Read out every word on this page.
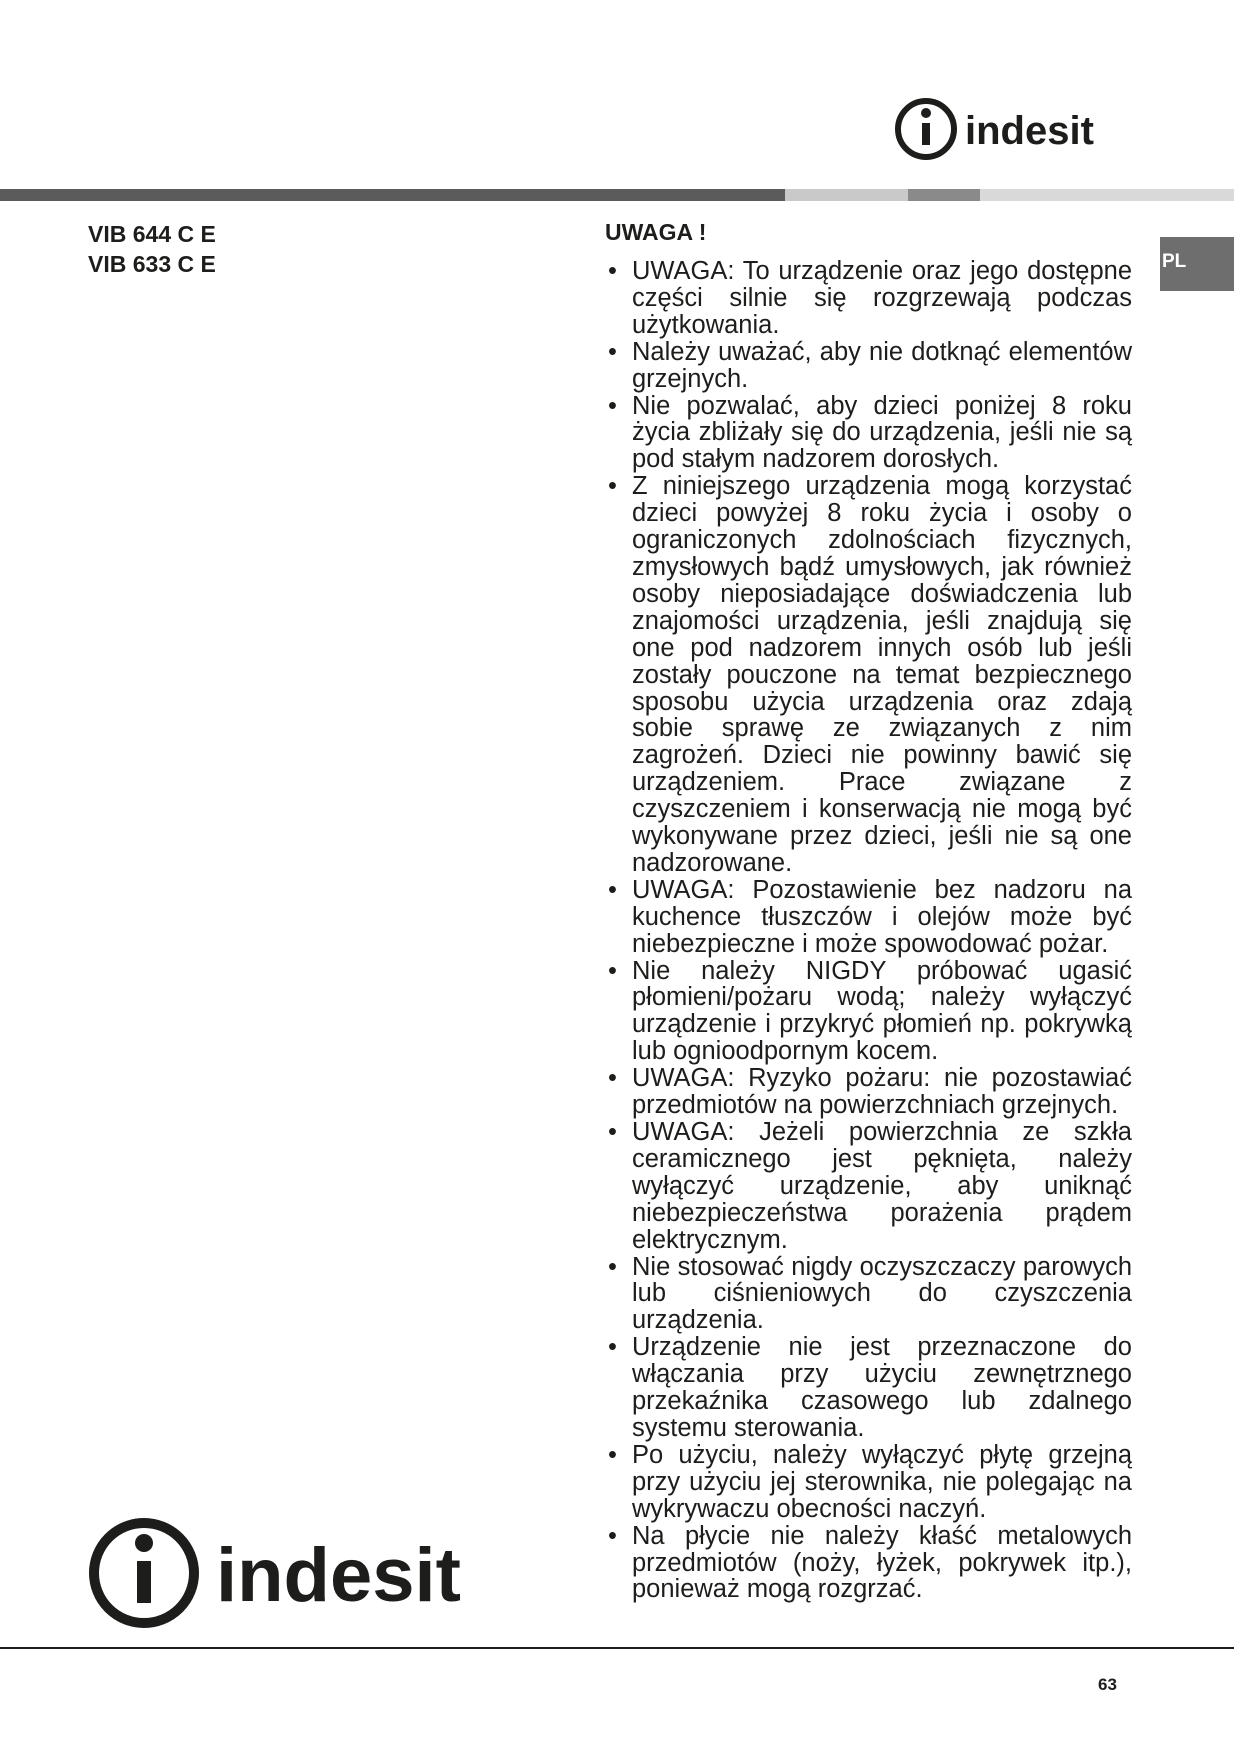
indesit
VIB 644 C E
VIB 633 C E	PL
UWAGA !
• UWAGA: To urządzenie oraz jego dostępne części silnie się rozgrzewają podczas użytkowania.
• Należy uważać, aby nie dotknąć elementów grzejnych.
• Nie pozwalać, aby dzieci poniżej 8 roku życia zbliżały się do urządzenia, jeśli nie są pod stałym nadzorem dorosłych.
• Z niniejszego urządzenia mogą korzystać dzieci powyżej 8 roku życia i osoby o ograniczonych zdolnościach fizycznych, zmysłowych bądź umysłowych, jak również osoby nieposiadające doświadczenia lub znajomości urządzenia, jeśli znajdują się one pod nadzorem innych osób lub jeśli zostały pouczone na temat bezpiecznego sposobu użycia urządzenia oraz zdają sobie sprawę ze związanych z nim zagrożeń. Dzieci nie powinny bawić się urządzeniem. Prace związane z czyszczeniem i konserwacją nie mogą być wykonywane przez dzieci, jeśli nie są one nadzorowane.
• UWAGA: Pozostawienie bez nadzoru na kuchence tłuszczów i olejów może być niebezpieczne i może spowodować pożar.
• Nie należy NIGDY próbować ugasić płomieni/pożaru wodą; należy wyłączyć urządzenie i przykryć płomień np. pokrywką lub ognioodpornym kocem.
• UWAGA: Ryzyko pożaru: nie pozostawiać przedmiotów na powierzchniach grzejnych.
• UWAGA: Jeżeli powierzchnia ze szkła ceramicznego jest pęknięta, należy wyłączyć urządzenie, aby uniknąć niebezpieczeństwa porażenia prądem elektrycznym.
• Nie stosować nigdy oczyszczaczy parowych lub ciśnieniowych do czyszczenia urządzenia.
• Urządzenie nie jest przeznaczone do włączania przy użyciu zewnętrznego przekaźnika czasowego lub zdalnego systemu sterowania.
• Po użyciu, należy wyłączyć płytę grzejną przy użyciu jej sterownika, nie polegając na wykrywaczu obecności naczyń.
• Na płycie nie należy kłaść metalowych przedmiotów (noży, łyżek, pokrywek itp.), ponieważ mogą rozgrzać.
indesit
63
